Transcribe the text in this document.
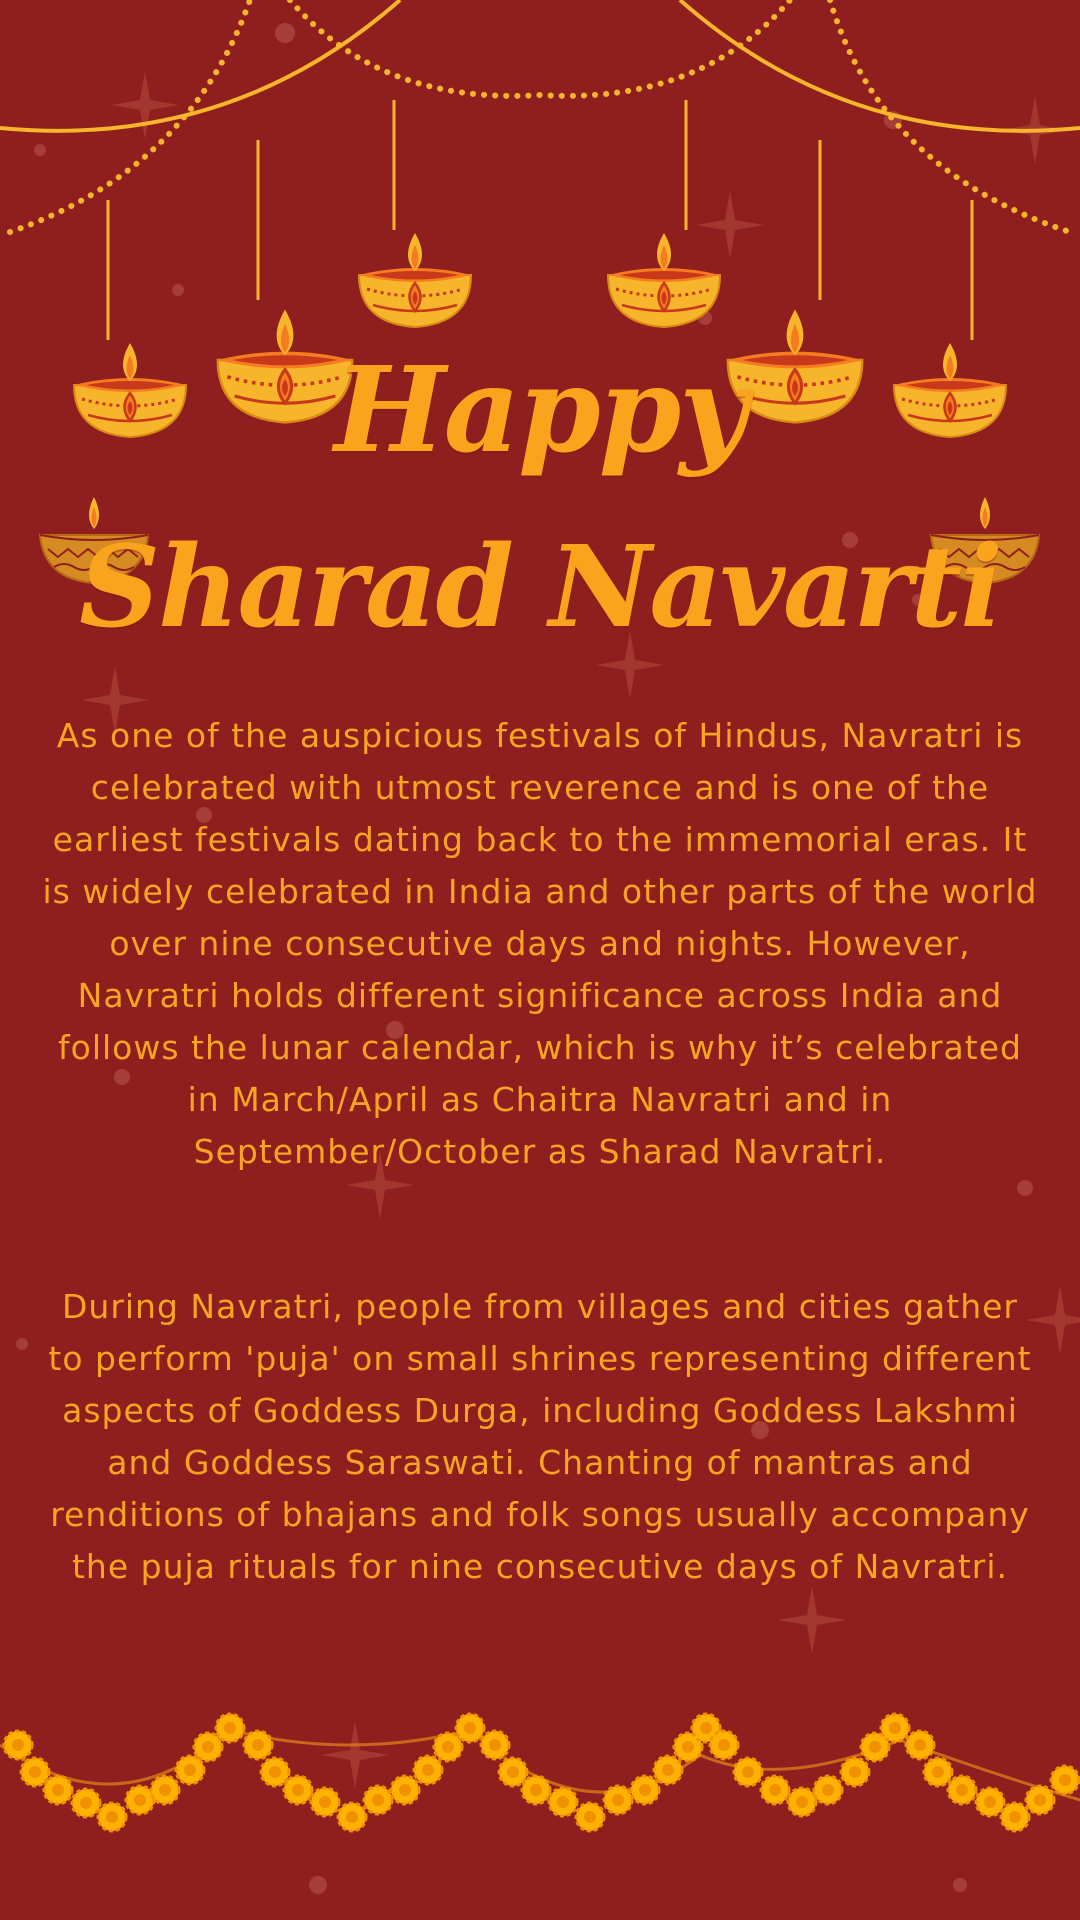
Happy
Sharad Navarti

As one of the auspicious festivals of Hindus, Navratri is celebrated with utmost reverence and is one of the earliest festivals dating back to the immemorial eras. It is widely celebrated in India and other parts of the world over nine consecutive days and nights. However, Navratri holds different significance across India and follows the lunar calendar, which is why it’s celebrated in March/April as Chaitra Navratri and in September/October as Sharad Navratri.

During Navratri, people from villages and cities gather to perform 'puja' on small shrines representing different aspects of Goddess Durga, including Goddess Lakshmi and Goddess Saraswati. Chanting of mantras and renditions of bhajans and folk songs usually accompany the puja rituals for nine consecutive days of Navratri.
